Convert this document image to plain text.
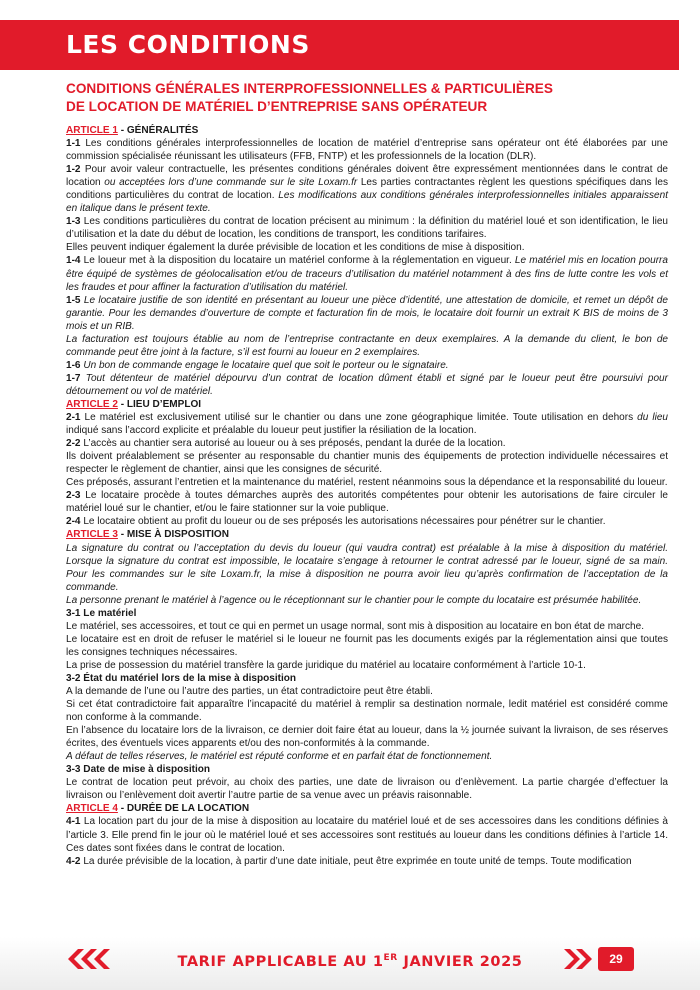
LES CONDITIONS
CONDITIONS GÉNÉRALES INTERPROFESSIONNELLES & PARTICULIÈRES
DE LOCATION DE MATÉRIEL D’ENTREPRISE SANS OPÉRATEUR

ARTICLE 1 - GÉNÉRALITÉS

1-1 Les conditions générales interprofessionnelles de location de matériel d’entreprise sans opérateur ont été élaborées par une commission spécialisée réunissant les utilisateurs (FFB, FNTP) et les professionnels de la location (DLR).

1-2 Pour avoir valeur contractuelle, les présentes conditions générales doivent être expressément mentionnées dans le contrat de location ou acceptées lors d’une commande sur le site Loxam.fr Les parties contractantes règlent les questions spécifiques dans les conditions particulières du contrat de location. Les modifications aux conditions générales interprofessionnelles initiales apparaissent en italique dans le présent texte.

1-3 Les conditions particulières du contrat de location précisent au minimum : la définition du matériel loué et son identification, le lieu d’utilisation et la date du début de location, les conditions de transport, les conditions tarifaires.

Elles peuvent indiquer également la durée prévisible de location et les conditions de mise à disposition.

1-4 Le loueur met à la disposition du locataire un matériel conforme à la réglementation en vigueur. Le matériel mis en location pourra être équipé de systèmes de géolocalisation et/ou de traceurs d’utilisation du matériel notamment à des fins de lutte contre les vols et les fraudes et pour affiner la facturation d’utilisation du matériel.

1-5 Le locataire justifie de son identité en présentant au loueur une pièce d’identité, une attestation de domicile, et remet un dépôt de garantie. Pour les demandes d’ouverture de compte et facturation fin de mois, le locataire doit fournir un extrait K BIS de moins de 3 mois et un RIB.

La facturation est toujours établie au nom de l’entreprise contractante en deux exemplaires. A la demande du client, le bon de commande peut être joint à la facture, s’il est fourni au loueur en 2 exemplaires.

1-6 Un bon de commande engage le locataire quel que soit le porteur ou le signataire.

1-7 Tout détenteur de matériel dépourvu d’un contrat de location dûment établi et signé par le loueur peut être poursuivi pour détournement ou vol de matériel.

ARTICLE 2 - LIEU D’EMPLOI

2-1 Le matériel est exclusivement utilisé sur le chantier ou dans une zone géographique limitée. Toute utilisation en dehors du lieu indiqué sans l’accord explicite et préalable du loueur peut justifier la résiliation de la location.

2-2 L’accès au chantier sera autorisé au loueur ou à ses préposés, pendant la durée de la location.

Ils doivent préalablement se présenter au responsable du chantier munis des équipements de protection individuelle nécessaires et respecter le règlement de chantier, ainsi que les consignes de sécurité.

Ces préposés, assurant l’entretien et la maintenance du matériel, restent néanmoins sous la dépendance et la responsabilité du loueur.

2-3 Le locataire procède à toutes démarches auprès des autorités compétentes pour obtenir les autorisations de faire circuler le matériel loué sur le chantier, et/ou le faire stationner sur la voie publique.

2-4 Le locataire obtient au profit du loueur ou de ses préposés les autorisations nécessaires pour pénétrer sur le chantier.

ARTICLE 3 - MISE À DISPOSITION

La signature du contrat ou l’acceptation du devis du loueur (qui vaudra contrat) est préalable à la mise à disposition du matériel. Lorsque la signature du contrat est impossible, le locataire s’engage à retourner le contrat adressé par le loueur, signé de sa main. Pour les commandes sur le site Loxam.fr, la mise à disposition ne pourra avoir lieu qu’après confirmation de l’acceptation de la commande.

La personne prenant le matériel à l’agence ou le réceptionnant sur le chantier pour le compte du locataire est présumée habilitée.

3-1 Le matériel

Le matériel, ses accessoires, et tout ce qui en permet un usage normal, sont mis à disposition au locataire en bon état de marche.

Le locataire est en droit de refuser le matériel si le loueur ne fournit pas les documents exigés par la réglementation ainsi que toutes les consignes techniques nécessaires.

La prise de possession du matériel transfère la garde juridique du matériel au locataire conformément à l’article 10-1.

3-2 État du matériel lors de la mise à disposition

A la demande de l’une ou l’autre des parties, un état contradictoire peut être établi.

Si cet état contradictoire fait apparaître l’incapacité du matériel à remplir sa destination normale, ledit matériel est considéré comme non conforme à la commande.

En l’absence du locataire lors de la livraison, ce dernier doit faire état au loueur, dans la ½ journée suivant la livraison, de ses réserves écrites, des éventuels vices apparents et/ou des non-conformités à la commande.

A défaut de telles réserves, le matériel est réputé conforme et en parfait état de fonctionnement.

3-3 Date de mise à disposition

Le contrat de location peut prévoir, au choix des parties, une date de livraison ou d’enlèvement. La partie chargée d’effectuer la livraison ou l’enlèvement doit avertir l’autre partie de sa venue avec un préavis raisonnable.

ARTICLE 4 - DURÉE DE LA LOCATION

4-1 La location part du jour de la mise à disposition au locataire du matériel loué et de ses accessoires dans les conditions définies à l’article 3. Elle prend fin le jour où le matériel loué et ses accessoires sont restitués au loueur dans les conditions définies à l’article 14. Ces dates sont fixées dans le contrat de location.

4-2 La durée prévisible de la location, à partir d’une date initiale, peut être exprimée en toute unité de temps. Toute modification

TARIF APPLICABLE AU 1ER JANVIER 2025	29
